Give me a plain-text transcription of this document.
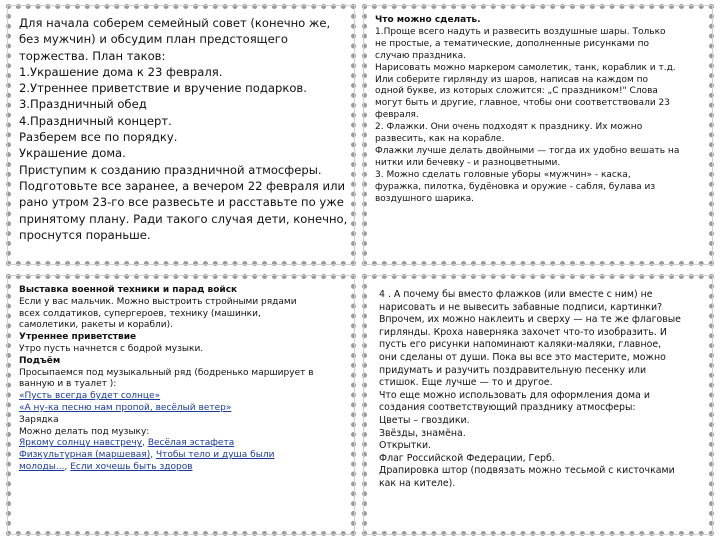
Для начала соберем семейный совет (конечно же,
без мужчин) и обсудим план предстоящего
торжества. План таков:
1.Украшение дома к 23 февраля.
2.Утреннее приветствие и вручение подарков.
3.Праздничный обед
4.Праздничный концерт.
Разберем все по порядку.
Украшение дома.
Приступим к созданию праздничной атмосферы.
Подготовьте все заранее, а вечером 22 февраля или
рано утром 23-го все развесьте и расставьте по уже
принятому плану. Ради такого случая дети, конечно,
проснутся пораньше.
Что можно сделать.
1.Проще всего надуть и развесить воздушные шары. Только
не простые, а тематические, дополненные рисунками по
случаю праздника.
Нарисовать можно маркером самолетик, танк, кораблик и т.д.
Или соберите гирлянду из шаров, написав на каждом по
одной букве, из которых сложится: „С праздником!" Слова
могут быть и другие, главное, чтобы они соответствовали 23
февраля.
2. Флажки. Они очень подходят к празднику. Их можно
развесить, как на корабле.
Флажки лучше делать двойными — тогда их удобно вешать на
нитки или бечевку - и разноцветными.
3. Можно сделать головные уборы «мужчин» - каска,
фуражка, пилотка, будёновка и оружие - сабля, булава из
воздушного шарика.
Выставка военной техники и парад войск
Если у вас мальчик. Можно выстроить стройными рядами
всех солдатиков, супергероев, технику (машинки,
самолетики, ракеты и корабли).
Утреннее приветствие
Утро пусть начнется с бодрой музыки.
Подъём
Просыпаемся под музыкальный ряд (бодренько марширует в
ванную и в туалет ):
«Пусть всегда будет солнце»
«А ну-ка песню нам пропой, весёлый ветер»
Зарядка
Можно делать под музыку:
Яркому солнцу навстречу, Весёлая эстафета
Физкультурная (маршевая), Чтобы тело и душа были
молоды..., Если хочешь быть здоров
4 . А почему бы вместо флажков (или вместе с ним) не
нарисовать и не вывесить забавные подписи, картинки?
Впрочем, их можно наклеить и сверху — на те же флаговые
гирлянды. Кроха наверняка захочет что-то изобразить. И
пусть его рисунки напоминают каляки-маляки, главное,
они сделаны от души. Пока вы все это мастерите, можно
придумать и разучить поздравительную песенку или
стишок. Еще лучше — то и другое.
Что еще можно использовать для оформления дома и
создания соответствующий празднику атмосферы:
Цветы – гвоздики.
Звёзды, знамёна.
Открытки.
Флаг Российской Федерации, Герб.
Драпировка штор (подвязать можно тесьмой с кисточками
как на кителе).
